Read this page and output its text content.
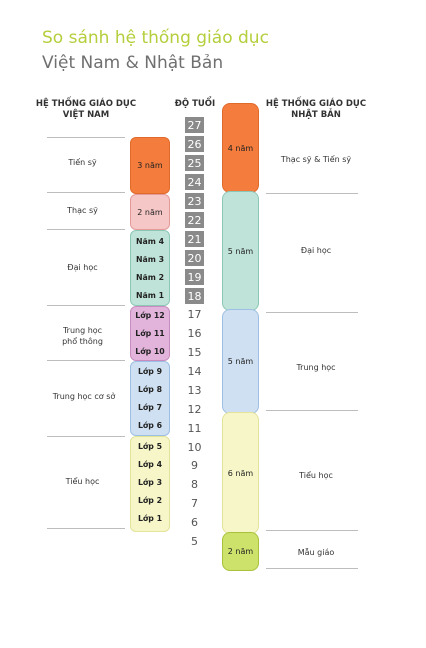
So sánh hệ thống giáo dục
Việt Nam & Nhật Bản
HỆ THỐNG GIÁO DỤC
VIỆT NAM
ĐỘ TUỔI	HỆ THỐNG GIÁO DỤC
NHẬT BẢN
Tiến sỹ
Thạc sỹ
Đại học
Trung học
phổ thông
Trung học cơ sở
Tiểu học
3 năm
2 năm
Năm 4
Năm 3
Năm 2
Năm 1
Lớp 12
Lớp 11
Lớp 10
Lớp 9
Lớp 8
Lớp 7
Lớp 6
Lớp 5
Lớp 4
Lớp 3
Lớp 2
Lớp 1
27
26
25
24
23
22
21
20
19
18
17
16
15
14
13
12
11
10
9
8
7
6
5
4 năm
5 năm
5 năm
6 năm
2 năm
Thạc sỹ & Tiến sỹ
Đại học
Trung học
Tiểu học
Mẫu giáo
